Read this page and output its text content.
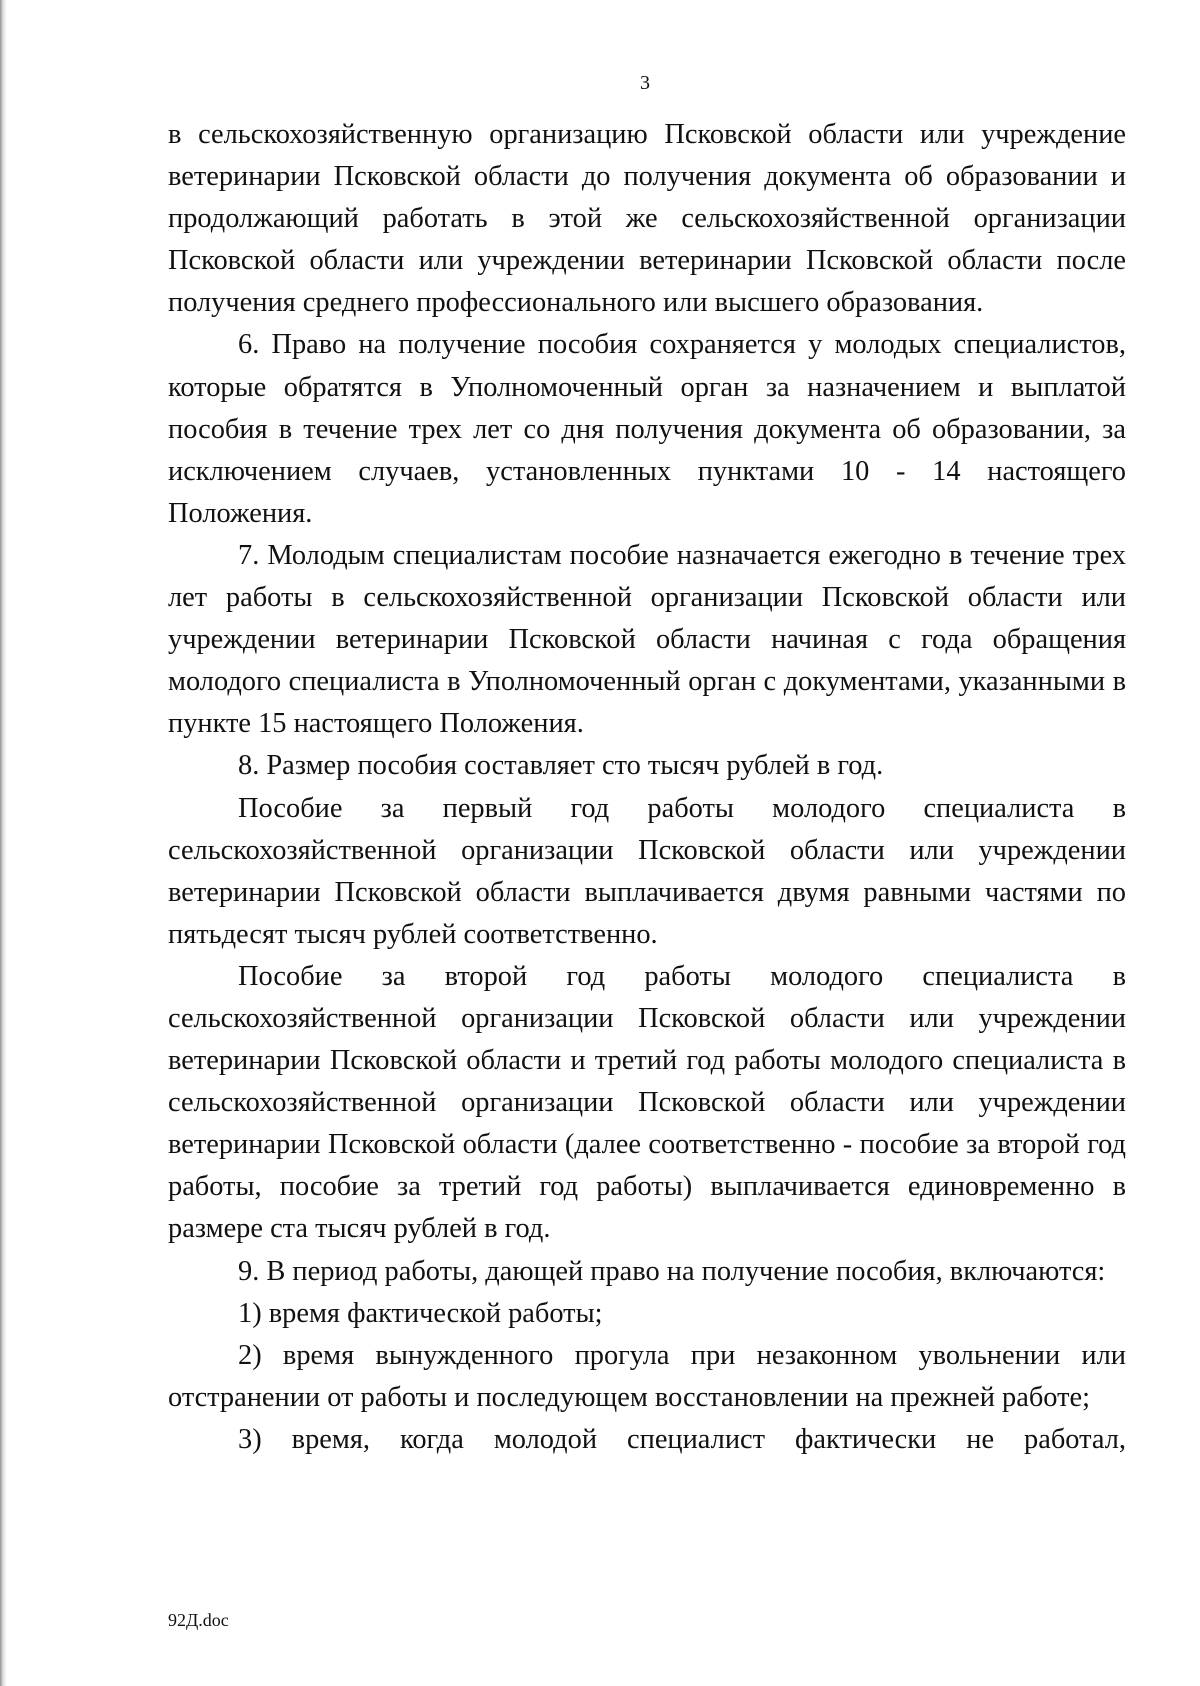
3

в сельскохозяйственную организацию Псковской области или учреждение ветеринарии Псковской области до получения документа об образовании и продолжающий работать в этой же сельскохозяйственной организации Псковской области или учреждении ветеринарии Псковской области после получения среднего профессионального или высшего образования.

6. Право на получение пособия сохраняется у молодых специалистов, которые обратятся в Уполномоченный орган за назначением и выплатой пособия в течение трех лет со дня получения документа об образовании, за исключением случаев, установленных пунктами 10 - 14 настоящего Положения.

7. Молодым специалистам пособие назначается ежегодно в течение трех лет работы в сельскохозяйственной организации Псковской области или учреждении ветеринарии Псковской области начиная с года обращения молодого специалиста в Уполномоченный орган с документами, указанными в пункте 15 настоящего Положения.

8. Размер пособия составляет сто тысяч рублей в год.

Пособие за первый год работы молодого специалиста в сельскохозяйственной организации Псковской области или учреждении ветеринарии Псковской области выплачивается двумя равными частями по пятьдесят тысяч рублей соответственно.

Пособие за второй год работы молодого специалиста в сельскохозяйственной организации Псковской области или учреждении ветеринарии Псковской области и третий год работы молодого специалиста в сельскохозяйственной организации Псковской области или учреждении ветеринарии Псковской области (далее соответственно - пособие за второй год работы, пособие за третий год работы) выплачивается единовременно в размере ста тысяч рублей в год.

9. В период работы, дающей право на получение пособия, включаются:

1) время фактической работы;

2) время вынужденного прогула при незаконном увольнении или отстранении от работы и последующем восстановлении на прежней работе;

3) время, когда молодой специалист фактически не работал,

92Д.doc
